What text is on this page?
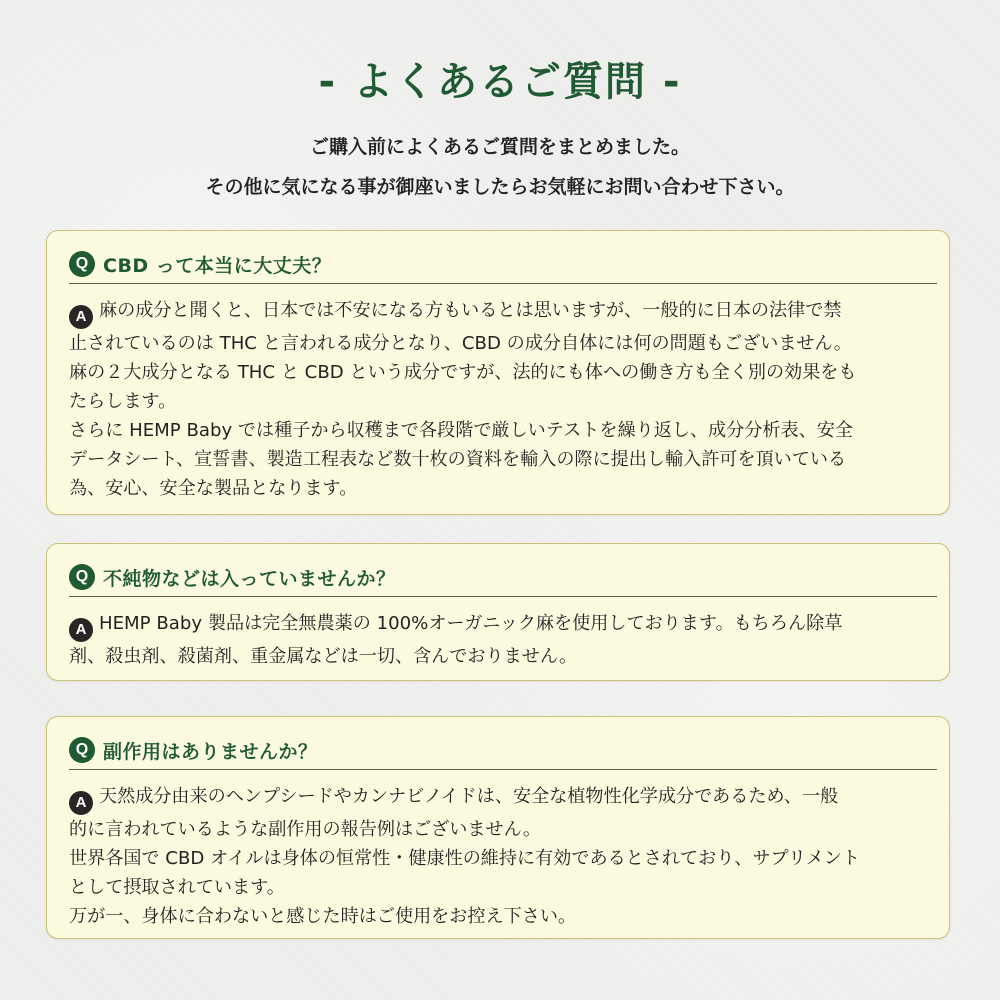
- よくあるご質問 -
ご購入前によくあるご質問をまとめました。
その他に気になる事が御座いましたらお気軽にお問い合わせ下さい。
Q CBD って本当に大丈夫？
A 麻の成分と聞くと、日本では不安になる方もいるとは思いますが、一般的に日本の法律で禁
止されているのは THC と言われる成分となり、CBD の成分自体には何の問題もございません。
麻の２大成分となる THC と CBD という成分ですが、法的にも体への働き方も全く別の効果をも
たらします。
さらに HEMP Baby では種子から収穫まで各段階で厳しいテストを繰り返し、成分分析表、安全
データシート、宣誓書、製造工程表など数十枚の資料を輸入の際に提出し輸入許可を頂いている
為、安心、安全な製品となります。
Q 不純物などは入っていませんか？
A HEMP Baby 製品は完全無農薬の 100%オーガニック麻を使用しております。もちろん除草
剤、殺虫剤、殺菌剤、重金属などは一切、含んでおりません。
Q 副作用はありませんか？
A 天然成分由来のヘンプシードやカンナビノイドは、安全な植物性化学成分であるため、一般
的に言われているような副作用の報告例はございません。
世界各国で CBD オイルは身体の恒常性・健康性の維持に有効であるとされており、サプリメント
として摂取されています。
万が一、身体に合わないと感じた時はご使用をお控え下さい。
